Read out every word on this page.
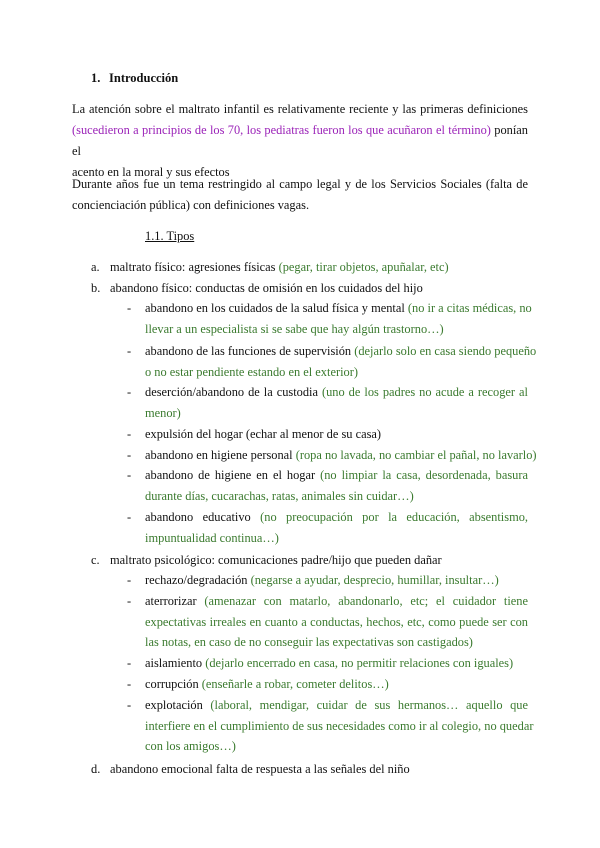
1. Introducción
La atención sobre el maltrato infantil es relativamente reciente y las primeras definiciones
(sucedieron a principios de los 70, los pediatras fueron los que acuñaron el término) ponían el
acento en la moral y sus efectos
Durante años fue un tema restringido al campo legal y de los Servicios Sociales (falta de
concienciación pública) con definiciones vagas.
1.1. Tipos
a. maltrato físico: agresiones físicas (pegar, tirar objetos, apuñalar, etc)
b. abandono físico: conductas de omisión en los cuidados del hijo
- abandono en los cuidados de la salud física y mental (no ir a citas médicas, no
llevar a un especialista si se sabe que hay algún trastorno…)
- abandono de las funciones de supervisión (dejarlo solo en casa siendo pequeño
o no estar pendiente estando en el exterior)
- deserción/abandono de la custodia (uno de los padres no acude a recoger al
menor)
- expulsión del hogar (echar al menor de su casa)
- abandono en higiene personal (ropa no lavada, no cambiar el pañal, no lavarlo)
- abandono de higiene en el hogar (no limpiar la casa, desordenada, basura
durante días, cucarachas, ratas, animales sin cuidar…)
- abandono educativo (no preocupación por la educación, absentismo,
impuntualidad continua…)
c. maltrato psicológico: comunicaciones padre/hijo que pueden dañar
- rechazo/degradación (negarse a ayudar, desprecio, humillar, insultar…)
- aterrorizar (amenazar con matarlo, abandonarlo, etc; el cuidador tiene
expectativas irreales en cuanto a conductas, hechos, etc, como puede ser con
las notas, en caso de no conseguir las expectativas son castigados)
- aislamiento (dejarlo encerrado en casa, no permitir relaciones con iguales)
- corrupción (enseñarle a robar, cometer delitos…)
- explotación (laboral, mendigar, cuidar de sus hermanos… aquello que
interfiere en el cumplimiento de sus necesidades como ir al colegio, no quedar
con los amigos…)
d. abandono emocional falta de respuesta a las señales del niño
